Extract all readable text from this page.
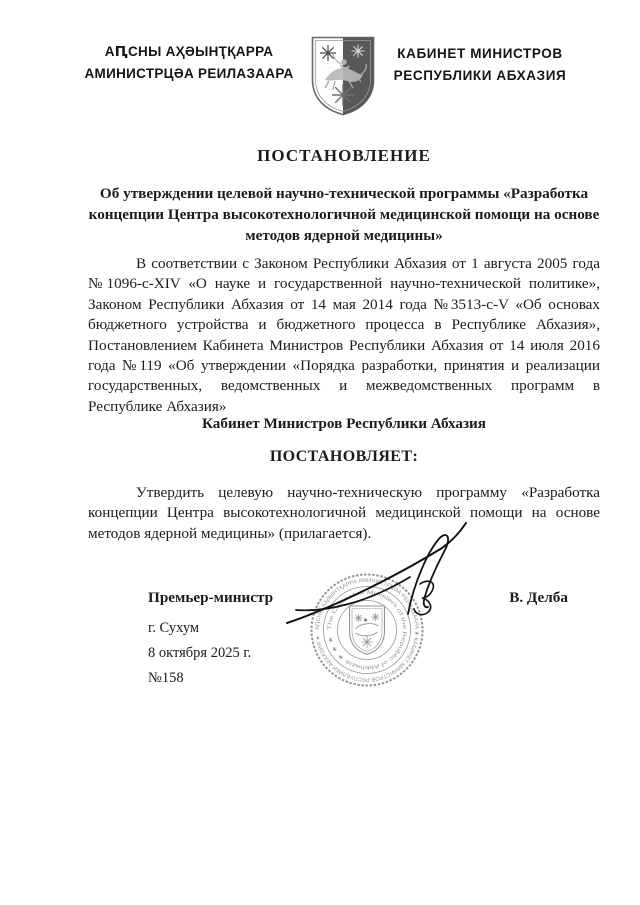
АԤСНЫ АҲӘЫНҬҚАРРА
АМИНИСТРЦӘА РЕИЛАЗААРА
КАБИНЕТ МИНИСТРОВ
РЕСПУБЛИКИ АБХАЗИЯ
ПОСТАНОВЛЕНИЕ
Об утверждении целевой научно-технической программы «Разработка концепции Центра высокотехнологичной медицинской помощи на основе методов ядерной медицины»
В соответствии с Законом Республики Абхазия от 1 августа 2005 года №1096-с-XIV «О науке и государственной научно-технической политике», Законом Республики Абхазия от 14 мая 2014 года №3513-с-V «Об основах бюджетного устройства и бюджетного процесса в Республике Абхазия», Постановлением Кабинета Министров Республики Абхазия от 14 июля 2016 года №119 «Об утверждении «Порядка разработки, принятия и реализации государственных, ведомственных и межведомственных программ в Республике Абхазия»
Кабинет Министров Республики Абхазия
ПОСТАНОВЛЯЕТ:
Утвердить целевую научно-техническую программу «Разработка концепции Центра высокотехнологичной медицинской помощи на основе методов ядерной медицины» (прилагается).
Премьер-министр	В. Делба
г. Сухум
8 октября 2025 г.
№158
АԤСНЫ АҲӘЫНҬҚАРРА АМИНИСТРЦӘА РЕИЛАЗААРА ★ КАБИНЕТ МИНИСТРОВ РЕСПУБЛИКИ АБХАЗИЯ ★
The Cabinet of Ministers of the Republic of Abkhazia ★ ★ ★
